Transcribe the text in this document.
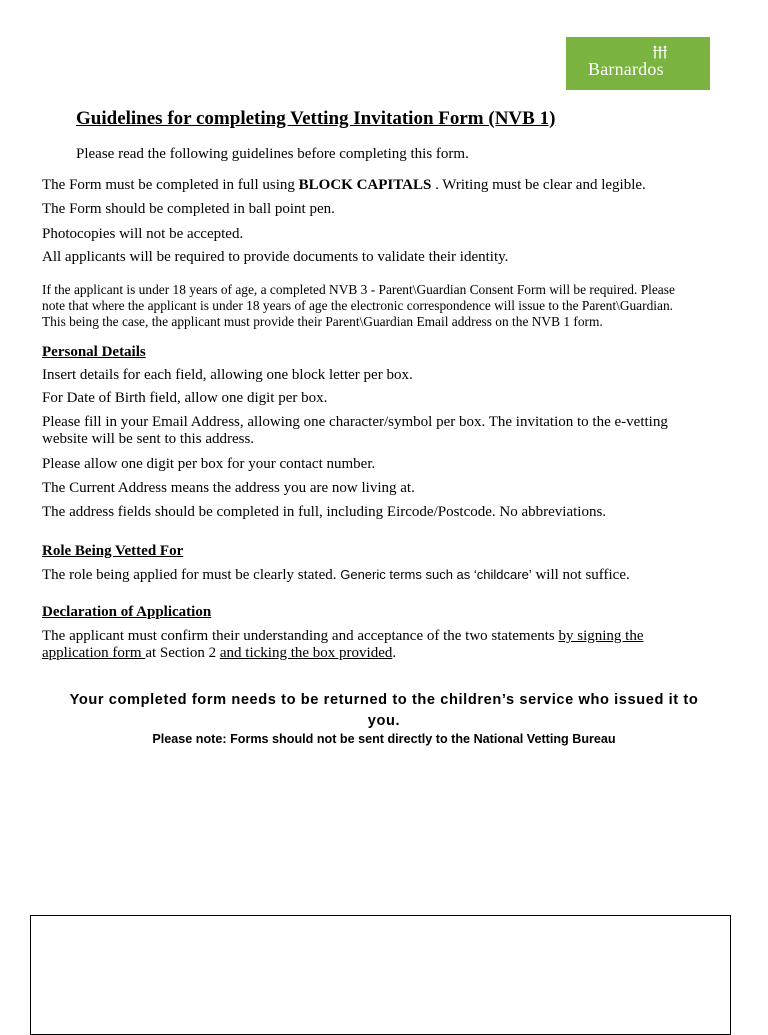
Barnardos
Guidelines for completing Vetting Invitation Form (NVB 1)

Please read the following guidelines before completing this form.

The Form must be completed in full using BLOCK CAPITALS . Writing must be clear and legible.

The Form should be completed in ball point pen.

Photocopies will not be accepted.

All applicants will be required to provide documents to validate their identity.

If the applicant is under 18 years of age, a completed NVB 3 - Parent\Guardian Consent Form will be required. Please

note that where the applicant is under 18 years of age the electronic correspondence will issue to the Parent\Guardian.

This being the case, the applicant must provide their Parent\Guardian Email address on the NVB 1 form.

Personal Details

Insert details for each field, allowing one block letter per box.

For Date of Birth field, allow one digit per box.

Please fill in your Email Address, allowing one character/symbol per box. The invitation to the e-vetting

website will be sent to this address.

Please allow one digit per box for your contact number.

The Current Address means the address you are now living at.

The address fields should be completed in full, including Eircode/Postcode. No abbreviations.

Role Being Vetted For

The role being applied for must be clearly stated. Generic terms such as ‘childcare’ will not suffice.

Declaration of Application

The applicant must confirm their understanding and acceptance of the two statements by signing the

application form at Section 2 and ticking the box provided.

Your completed form needs to be returned to the children’s service who issued it to you.

Please note: Forms should not be sent directly to the National Vetting Bureau
